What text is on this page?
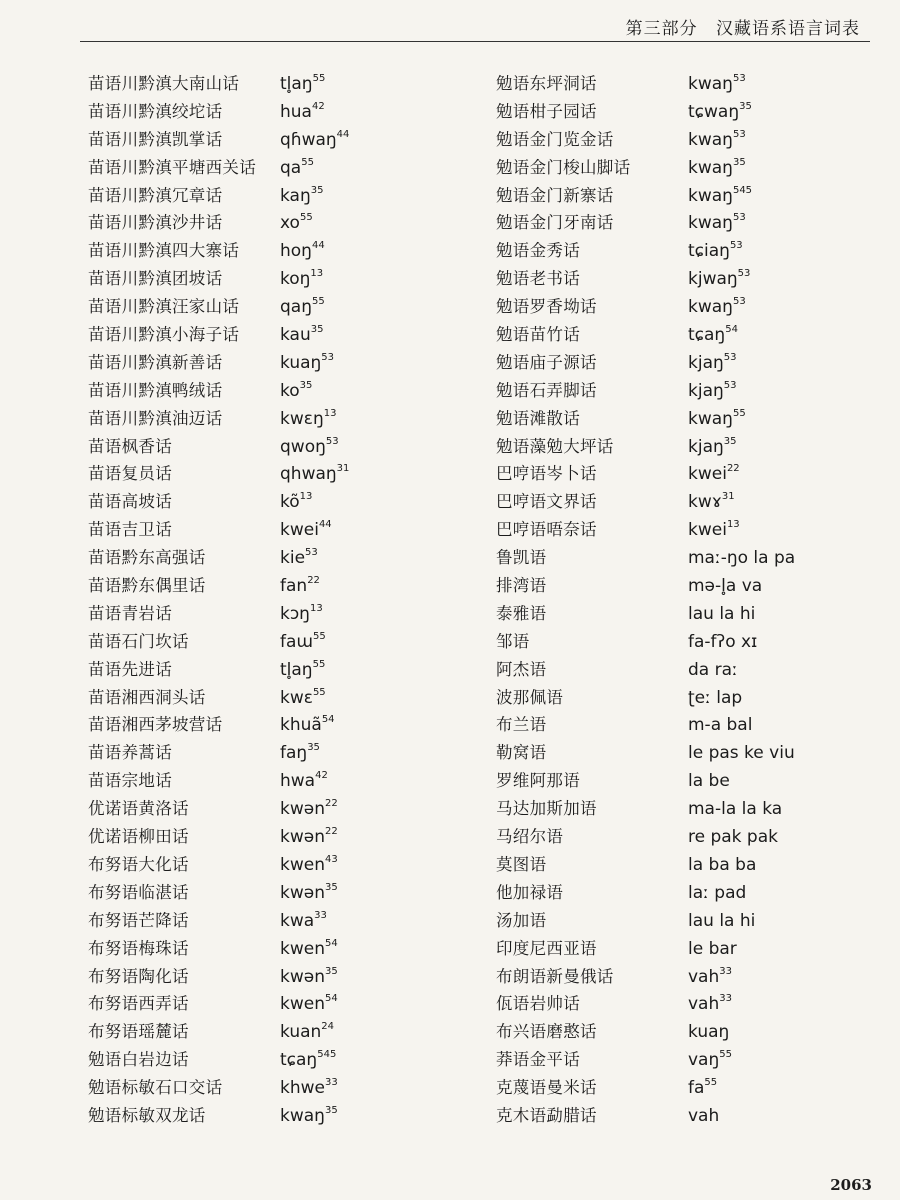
第三部分 汉藏语系语言词表
苗语川黔滇大南山话	$tl̥aŋ^{55}$
苗语川黔滇绞坨话	hua$^{42}$
苗语川黔滇凯掌话	qɦwaŋ$^{44}$
苗语川黔滇平塘西关话	$qa^{55}$
苗语川黔滇冗章话	kaŋ$^{35}$
苗语川黔滇沙井话	$xo^{55}$
苗语川黔滇四大寨话	hoŋ$^{44}$
苗语川黔滇团坡话	koŋ$^{13}$
苗语川黔滇汪家山话	qaŋ$^{55}$
苗语川黔滇小海子话	kau$^{35}$
苗语川黔滇新善话	kuaŋ$^{53}$
苗语川黔滇鸭绒话	$ko^{35}$
苗语川黔滇油迈话	kwɛŋ$^{13}$
苗语枫香话	qwoŋ$^{53}$
苗语复员话	qhwaŋ$^{31}$
苗语高坡话	$kõ^{13}$
苗语吉卫话	kwei$^{44}$
苗语黔东高强话	kie$^{53}$
苗语黔东偶里话	fan$^{22}$
苗语青岩话	kɔŋ$^{13}$
苗语石门坎话	faɯ$^{55}$
苗语先进话	$tl̥aŋ^{55}$
苗语湘西洞头话	kwɛ$^{55}$
苗语湘西茅坡营话	khuã$^{54}$
苗语养蒿话	faŋ$^{35}$
苗语宗地话	hwa$^{42}$
优诺语黄洛话	kwən$^{22}$
优诺语柳田话	kwən$^{22}$
布努语大化话	kwen$^{43}$
布努语临湛话	kwən$^{35}$
布努语芒降话	kwa$^{33}$
布努语梅珠话	kwen$^{54}$
布努语陶化话	kwən$^{35}$
布努语西弄话	kwen$^{54}$
布努语瑶麓话	kuan$^{24}$
勉语白岩边话	tɕaŋ$^{545}$
勉语标敏石口交话	khwe$^{33}$
勉语标敏双龙话	kwaŋ$^{35}$
勉语东坪洞话	kwaŋ$^{53}$
勉语柑子园话	tɕwaŋ$^{35}$
勉语金门览金话	kwaŋ$^{53}$
勉语金门梭山脚话	kwaŋ$^{35}$
勉语金门新寨话	kwaŋ$^{545}$
勉语金门牙南话	kwaŋ$^{53}$
勉语金秀话	tɕiaŋ$^{53}$
勉语老书话	kjwaŋ$^{53}$
勉语罗香坳话	kwaŋ$^{53}$
勉语苗竹话	tɕaŋ$^{54}$
勉语庙子源话	kjaŋ$^{53}$
勉语石弄脚话	kjaŋ$^{53}$
勉语滩散话	kwaŋ$^{55}$
勉语藻勉大坪话	kjaŋ$^{35}$
巴哼语岑卜话	kwei$^{22}$
巴哼语文界话	kwɤ$^{31}$
巴哼语唔奈话	kwei$^{13}$
鲁凯语	maː-ŋo la pa
排湾语	mə-l̥a va
泰雅语	lau la hi
邹语	fa-fʔo xɪ
阿杰语	da raː
波那佩语	ʈeː lap
布兰语	m-a bal
勒窝语	le pas ke viu
罗维阿那语	la be
马达加斯加语	ma-la la ka
马绍尔语	re pak pak
莫图语	la ba ba
他加禄语	laː pad
汤加语	lau la hi
印度尼西亚语	le bar
布朗语新曼俄话	vah$^{33}$
佤语岩帅话	vah$^{33}$
布兴语磨憨话	kuaŋ
莽语金平话	vaŋ$^{55}$
克蔑语曼米话	$fa^{55}$
克木语勐腊话	vah
2063
